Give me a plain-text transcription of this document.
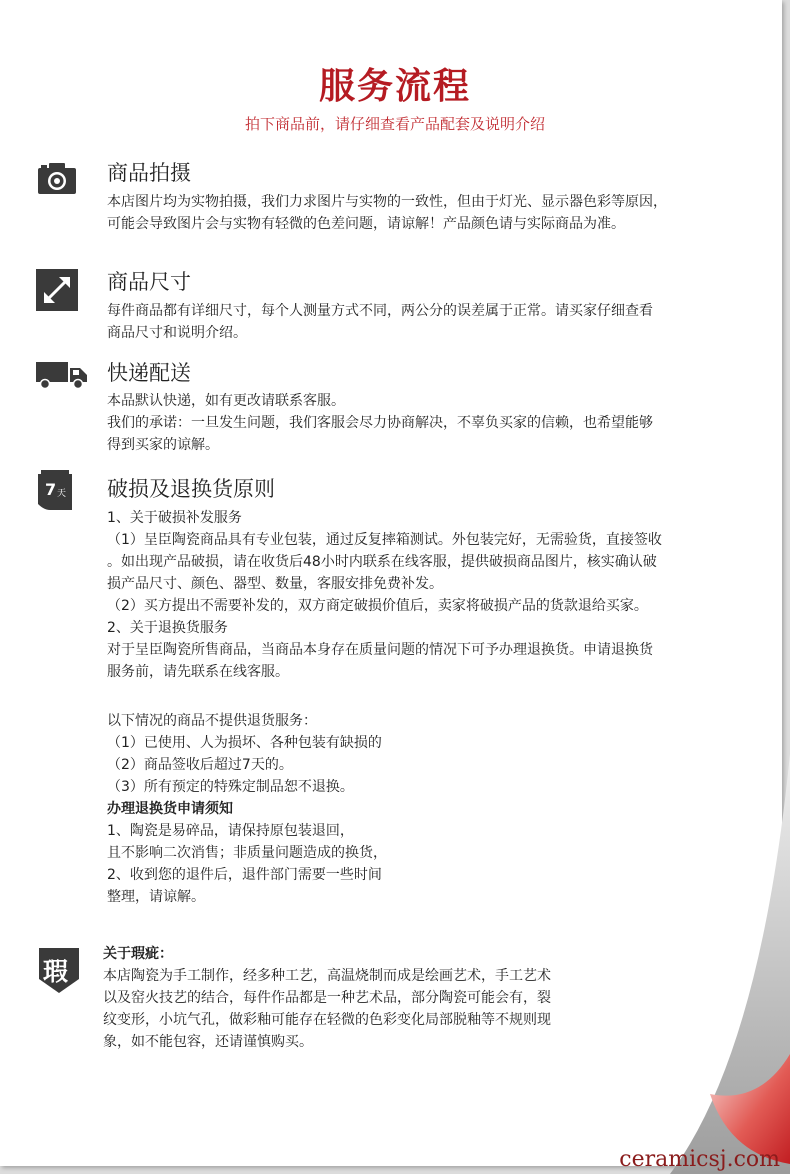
服务流程
拍下商品前，请仔细查看产品配套及说明介绍
商品拍摄
本店图片均为实物拍摄，我们力求图片与实物的一致性，但由于灯光、显示器色彩等原因，
可能会导致图片会与实物有轻微的色差问题，请谅解！产品颜色请与实际商品为准。
商品尺寸
每件商品都有详细尺寸，每个人测量方式不同，两公分的误差属于正常。请买家仔细查看
商品尺寸和说明介绍。
快递配送
本品默认快递，如有更改请联系客服。
我们的承诺：一旦发生问题，我们客服会尽力协商解决，不辜负买家的信赖，也希望能够
得到买家的谅解。
7 天 破损及退换货原则
1、关于破损补发服务
（1）呈臣陶瓷商品具有专业包装，通过反复摔箱测试。外包装完好，无需验货，直接签收
。如出现产品破损，请在收货后48小时内联系在线客服，提供破损商品图片，核实确认破
损产品尺寸、颜色、器型、数量，客服安排免费补发。
（2）买方提出不需要补发的，双方商定破损价值后，卖家将破损产品的货款退给买家。
2、关于退换货服务
对于呈臣陶瓷所售商品，当商品本身存在质量问题的情况下可予办理退换货。申请退换货
服务前，请先联系在线客服。
以下情况的商品不提供退货服务：
（1）已使用、人为损坏、各种包装有缺损的
（2）商品签收后超过7天的。
（3）所有预定的特殊定制品恕不退换。
办理退换货申请须知
1、陶瓷是易碎品，请保持原包装退回，
且不影响二次消售；非质量问题造成的换货，
2、收到您的退件后，退件部门需要一些时间
整理，请谅解。
瑕
关于瑕疵：
本店陶瓷为手工制作，经多种工艺，高温烧制而成是绘画艺术，手工艺术
以及窑火技艺的结合，每件作品都是一种艺术品，部分陶瓷可能会有，裂
纹变形，小坑气孔，做彩釉可能存在轻微的色彩变化局部脱釉等不规则现
象，如不能包容，还请谨慎购买。
ceramicsj.com
